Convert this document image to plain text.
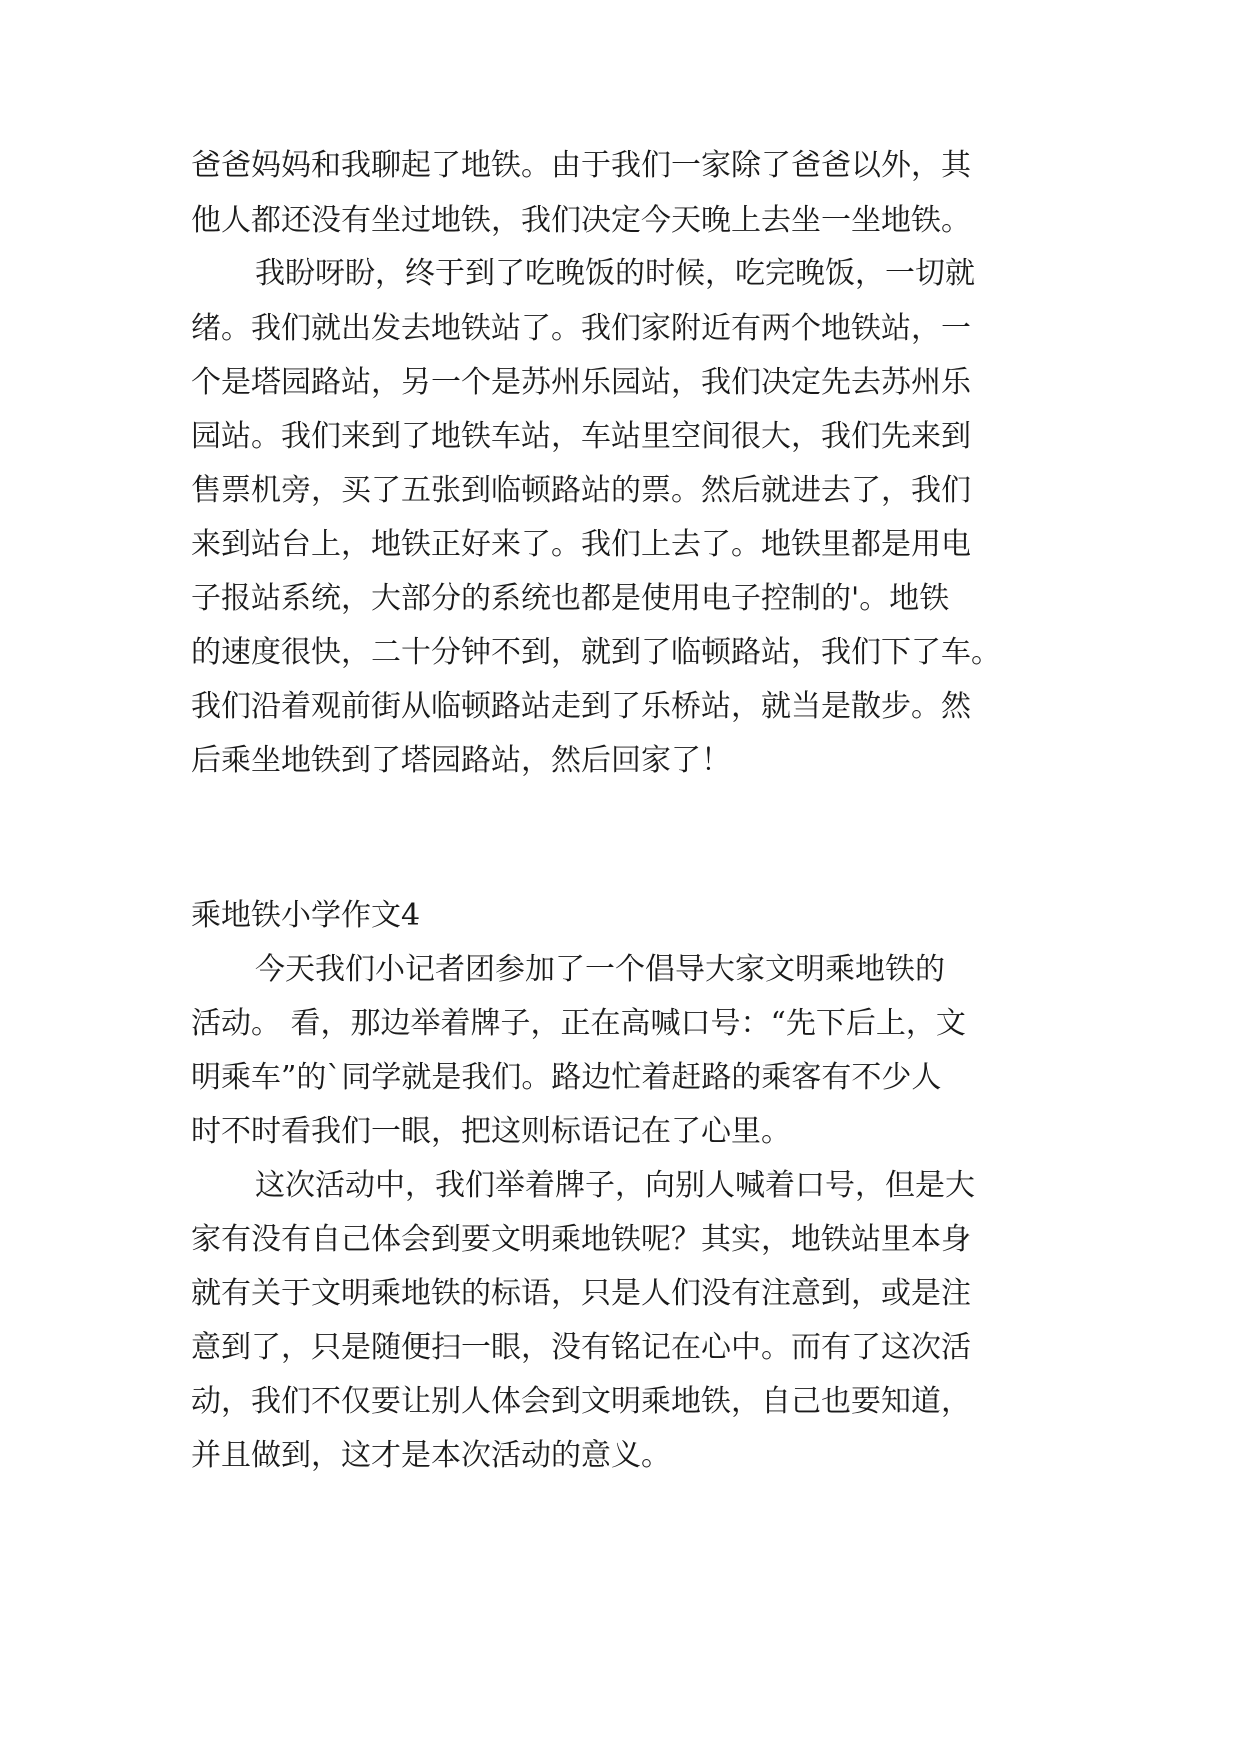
爸爸妈妈和我聊起了地铁。由于我们一家除了爸爸以外，其
他人都还没有坐过地铁，我们决定今天晚上去坐一坐地铁。
我盼呀盼，终于到了吃晚饭的时候，吃完晚饭，一切就
绪。我们就出发去地铁站了。我们家附近有两个地铁站，一
个是塔园路站，另一个是苏州乐园站，我们决定先去苏州乐
园站。我们来到了地铁车站，车站里空间很大，我们先来到
售票机旁，买了五张到临顿路站的票。然后就进去了，我们
来到站台上，地铁正好来了。我们上去了。地铁里都是用电
子报站系统，大部分的系统也都是使用电子控制的'。地铁
的速度很快，二十分钟不到，就到了临顿路站，我们下了车。
我们沿着观前街从临顿路站走到了乐桥站，就当是散步。然
后乘坐地铁到了塔园路站，然后回家了！
乘地铁小学作文4
今天我们小记者团参加了一个倡导大家文明乘地铁的
活动。 看，那边举着牌子，正在高喊口号：“先下后上，文
明乘车”的`同学就是我们。路边忙着赶路的乘客有不少人
时不时看我们一眼，把这则标语记在了心里。
这次活动中，我们举着牌子，向别人喊着口号，但是大
家有没有自己体会到要文明乘地铁呢？其实，地铁站里本身
就有关于文明乘地铁的标语，只是人们没有注意到，或是注
意到了，只是随便扫一眼，没有铭记在心中。而有了这次活
动，我们不仅要让别人体会到文明乘地铁，自己也要知道，
并且做到，这才是本次活动的意义。
